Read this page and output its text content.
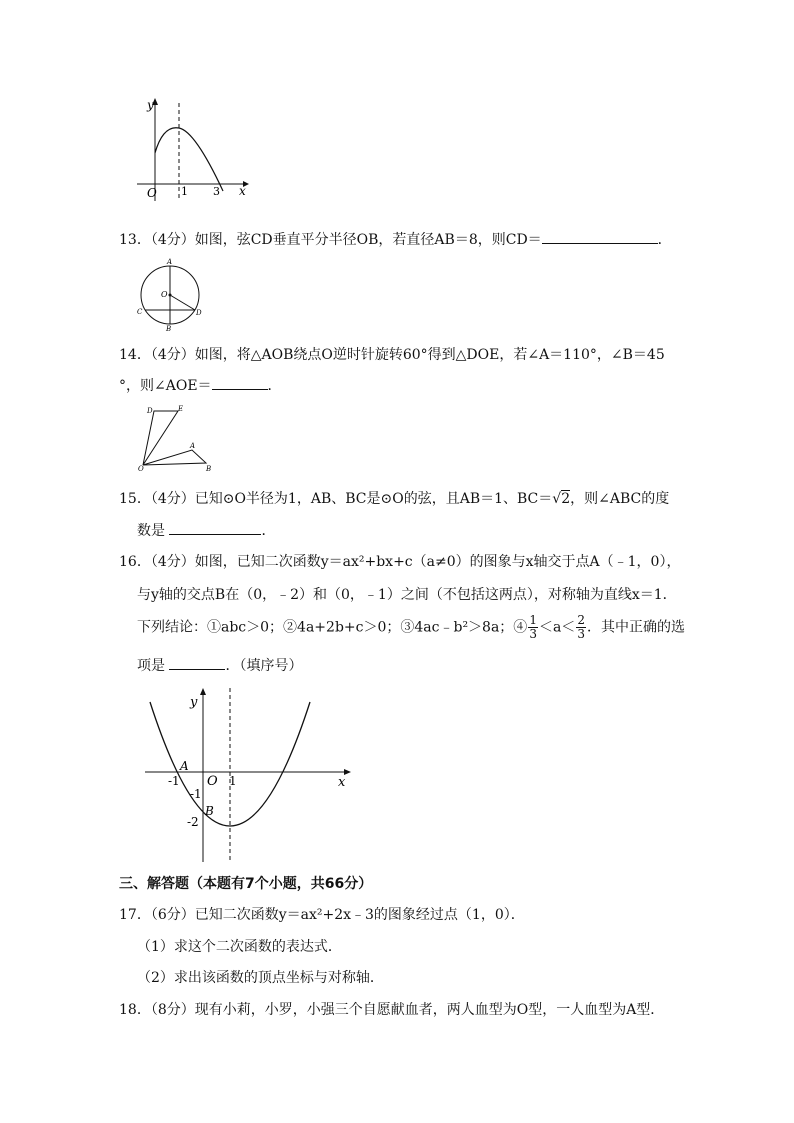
y
x
O 1 3
13．（4分）如图，弦CD垂直平分半径OB，若直径AB＝8，则CD＝	．
A
O
C
B
D
14．（4分）如图，将△AOB绕点O逆时针旋转60°得到△DOE，若∠A＝110°，∠B＝45
°，则∠AOE＝	．
D	E
A
O	B
15．（4分）已知⊙O半径为1，AB、BC是⊙O的弦，且AB＝1、BC＝√2，则∠ABC的度
数是	．
16．（4分）如图，已知二次函数y＝ax²+bx+c（a≠0）的图象与x轴交于点A（﹣1，0），
与y轴的交点B在（0，﹣2）和（0，﹣1）之间（不包括这两点），对称轴为直线x＝1．
下列结论：①abc＞0；②4a+2b+c＞0；③4ac﹣b²＞8a；④ $\frac{1}{3} <a< \frac{2}{3}$ ．其中正确的选
项是	．（填序号）
y
x
A
-1 O 1
-1
B
-2
三、解答题（本题有7个小题，共66分）
17．（6分）已知二次函数y＝ax²+2x﹣3的图象经过点（1，0）．
（1）求这个二次函数的表达式．
（2）求出该函数的顶点坐标与对称轴．
18．（8分）现有小莉，小罗，小强三个自愿献血者，两人血型为O型，一人血型为A型．
